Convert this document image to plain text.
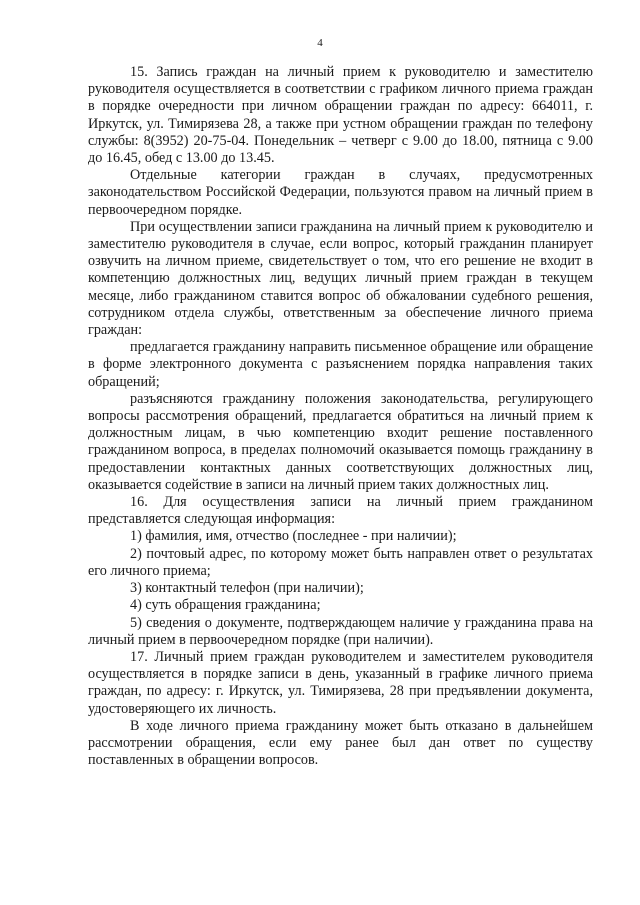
4

15. Запись граждан на личный прием к руководителю и заместителю руководителя осуществляется в соответствии с графиком личного приема граждан в порядке очередности при личном обращении граждан по адресу: 664011, г. Иркутск, ул. Тимирязева 28, а также при устном обращении граждан по телефону службы: 8(3952) 20-75-04. Понедельник – четверг с 9.00 до 18.00, пятница с 9.00 до 16.45, обед с 13.00 до 13.45.

Отдельные категории граждан в случаях, предусмотренных законодательством Российской Федерации, пользуются правом на личный прием в первоочередном порядке.

При осуществлении записи гражданина на личный прием к руководителю и заместителю руководителя в случае, если вопрос, который гражданин планирует озвучить на личном приеме, свидетельствует о том, что его решение не входит в компетенцию должностных лиц, ведущих личный прием граждан в текущем месяце, либо гражданином ставится вопрос об обжаловании судебного решения, сотрудником отдела службы, ответственным за обеспечение личного приема граждан:

предлагается гражданину направить письменное обращение или обращение в форме электронного документа с разъяснением порядка направления таких обращений;

разъясняются гражданину положения законодательства, регулирующего вопросы рассмотрения обращений, предлагается обратиться на личный прием к должностным лицам, в чью компетенцию входит решение поставленного гражданином вопроса, в пределах полномочий оказывается помощь гражданину в предоставлении контактных данных соответствующих должностных лиц, оказывается содействие в записи на личный прием таких должностных лиц.

16. Для осуществления записи на личный прием гражданином представляется следующая информация:

1) фамилия, имя, отчество (последнее - при наличии);

2) почтовый адрес, по которому может быть направлен ответ о результатах его личного приема;

3) контактный телефон (при наличии);

4) суть обращения гражданина;

5) сведения о документе, подтверждающем наличие у гражданина права на личный прием в первоочередном порядке (при наличии).

17. Личный прием граждан руководителем и заместителем руководителя осуществляется в порядке записи в день, указанный в графике личного приема граждан, по адресу: г. Иркутск, ул. Тимирязева, 28 при предъявлении документа, удостоверяющего их личность.

В ходе личного приема гражданину может быть отказано в дальнейшем рассмотрении обращения, если ему ранее был дан ответ по существу поставленных в обращении вопросов.
